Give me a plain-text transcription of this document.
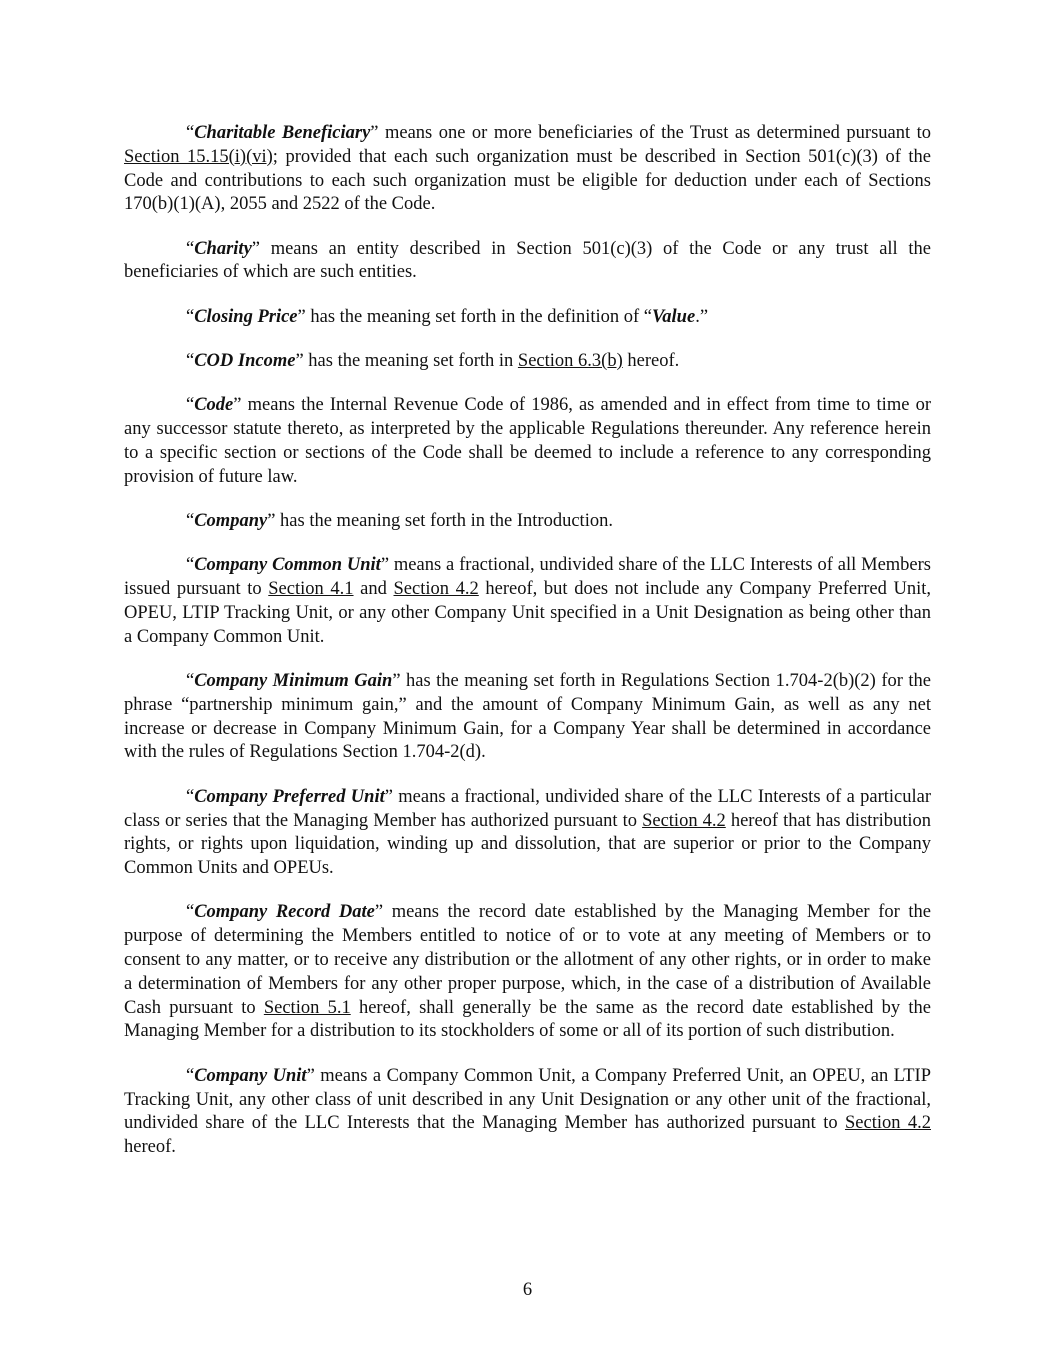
“Charitable Beneficiary” means one or more beneficiaries of the Trust as determined pursuant to Section 15.15(i)(vi); provided that each such organization must be described in Section 501(c)(3) of the Code and contributions to each such organization must be eligible for deduction under each of Sections 170(b)(1)(A), 2055 and 2522 of the Code.

“Charity” means an entity described in Section 501(c)(3) of the Code or any trust all the beneficiaries of which are such entities.

“Closing Price” has the meaning set forth in the definition of “Value.”

“COD Income” has the meaning set forth in Section 6.3(b) hereof.

“Code” means the Internal Revenue Code of 1986, as amended and in effect from time to time or any successor statute thereto, as interpreted by the applicable Regulations thereunder. Any reference herein to a specific section or sections of the Code shall be deemed to include a reference to any corresponding provision of future law.

“Company” has the meaning set forth in the Introduction.

“Company Common Unit” means a fractional, undivided share of the LLC Interests of all Members issued pursuant to Section 4.1 and Section 4.2 hereof, but does not include any Company Preferred Unit, OPEU, LTIP Tracking Unit, or any other Company Unit specified in a Unit Designation as being other than a Company Common Unit.

“Company Minimum Gain” has the meaning set forth in Regulations Section 1.704-2(b)(2) for the phrase “partnership minimum gain,” and the amount of Company Minimum Gain, as well as any net increase or decrease in Company Minimum Gain, for a Company Year shall be determined in accordance with the rules of Regulations Section 1.704-2(d).

“Company Preferred Unit” means a fractional, undivided share of the LLC Interests of a particular class or series that the Managing Member has authorized pursuant to Section 4.2 hereof that has distribution rights, or rights upon liquidation, winding up and dissolution, that are superior or prior to the Company Common Units and OPEUs.

“Company Record Date” means the record date established by the Managing Member for the purpose of determining the Members entitled to notice of or to vote at any meeting of Members or to consent to any matter, or to receive any distribution or the allotment of any other rights, or in order to make a determination of Members for any other proper purpose, which, in the case of a distribution of Available Cash pursuant to Section 5.1 hereof, shall generally be the same as the record date established by the Managing Member for a distribution to its stockholders of some or all of its portion of such distribution.

“Company Unit” means a Company Common Unit, a Company Preferred Unit, an OPEU, an LTIP Tracking Unit, any other class of unit described in any Unit Designation or any other unit of the fractional, undivided share of the LLC Interests that the Managing Member has authorized pursuant to Section 4.2 hereof.

6
